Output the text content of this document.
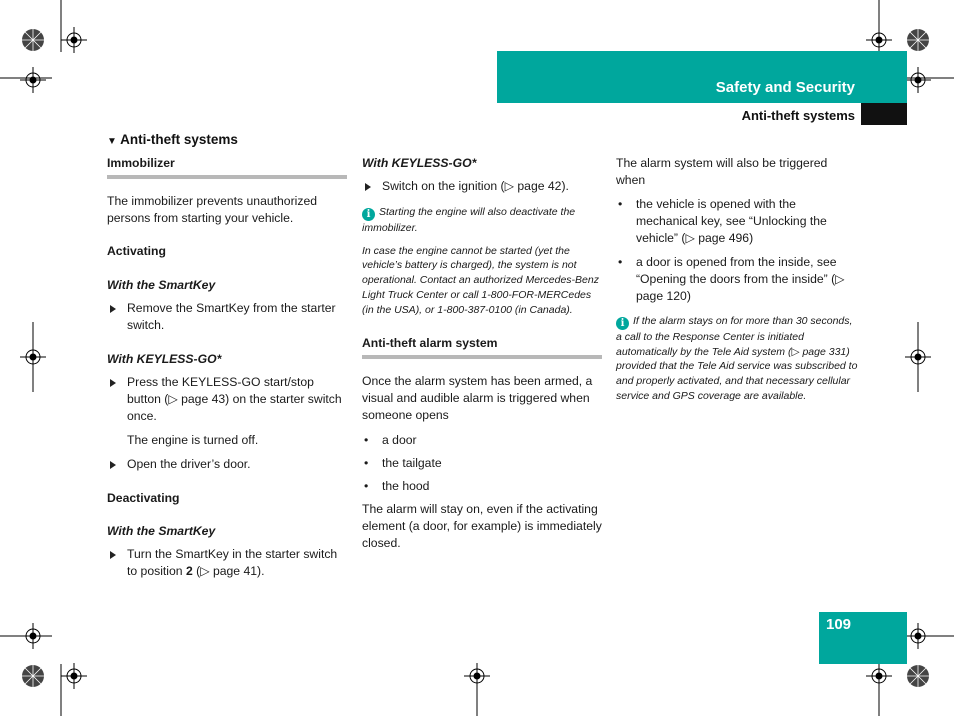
Safety and Security
Anti-theft systems
▼ Anti-theft systems

Immobilizer

The immobilizer prevents unauthorized persons from starting your vehicle.

Activating

With the SmartKey

Remove the SmartKey from the starter switch.

With KEYLESS-GO*

Press the KEYLESS-GO start/stop button (▷ page 43) on the starter switch once.

The engine is turned off.

Open the driver’s door.

Deactivating

With the SmartKey

Turn the SmartKey in the starter switch to position 2 (▷ page 41).

With KEYLESS-GO*

Switch on the ignition (▷ page 42).

i Starting the engine will also deactivate the immobilizer.

In case the engine cannot be started (yet the vehicle’s battery is charged), the system is not operational. Contact an authorized Mercedes-Benz Light Truck Center or call 1-800-FOR-MERCedes (in the USA), or 1-800-387-0100 (in Canada).

Anti-theft alarm system

Once the alarm system has been armed, a visual and audible alarm is triggered when someone opens

• a door

• the tailgate

• the hood

The alarm will stay on, even if the activating element (a door, for example) is immediately closed.

The alarm system will also be triggered when

• the vehicle is opened with the mechanical key, see “Unlocking the vehicle” (▷ page 496)

• a door is opened from the inside, see “Opening the doors from the inside” (▷ page 120)

i If the alarm stays on for more than 30 seconds, a call to the Response Center is initiated automatically by the Tele Aid system (▷ page 331) provided that the Tele Aid service was subscribed to and properly activated, and that necessary cellular service and GPS coverage are available.

109
